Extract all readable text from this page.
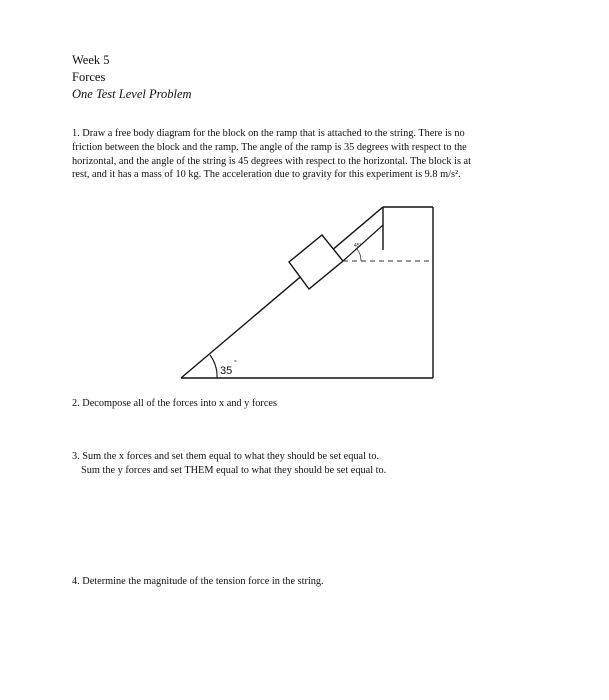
Week 5
Forces
One Test Level Problem
1. Draw a free body diagram for the block on the ramp that is attached to the string. There is no
friction between the block and the ramp. The angle of the ramp is 35 degrees with respect to the
horizontal, and the angle of the string is 45 degrees with respect to the horizontal. The block is at
rest, and it has a mass of 10 kg. The acceleration due to gravity for this experiment is 9.8 m/s².
45°
35
°
2. Decompose all of the forces into x and y forces
3. Sum the x forces and set them equal to what they should be set equal to.
Sum the y forces and set THEM equal to what they should be set equal to.
4. Determine the magnitude of the tension force in the string.
